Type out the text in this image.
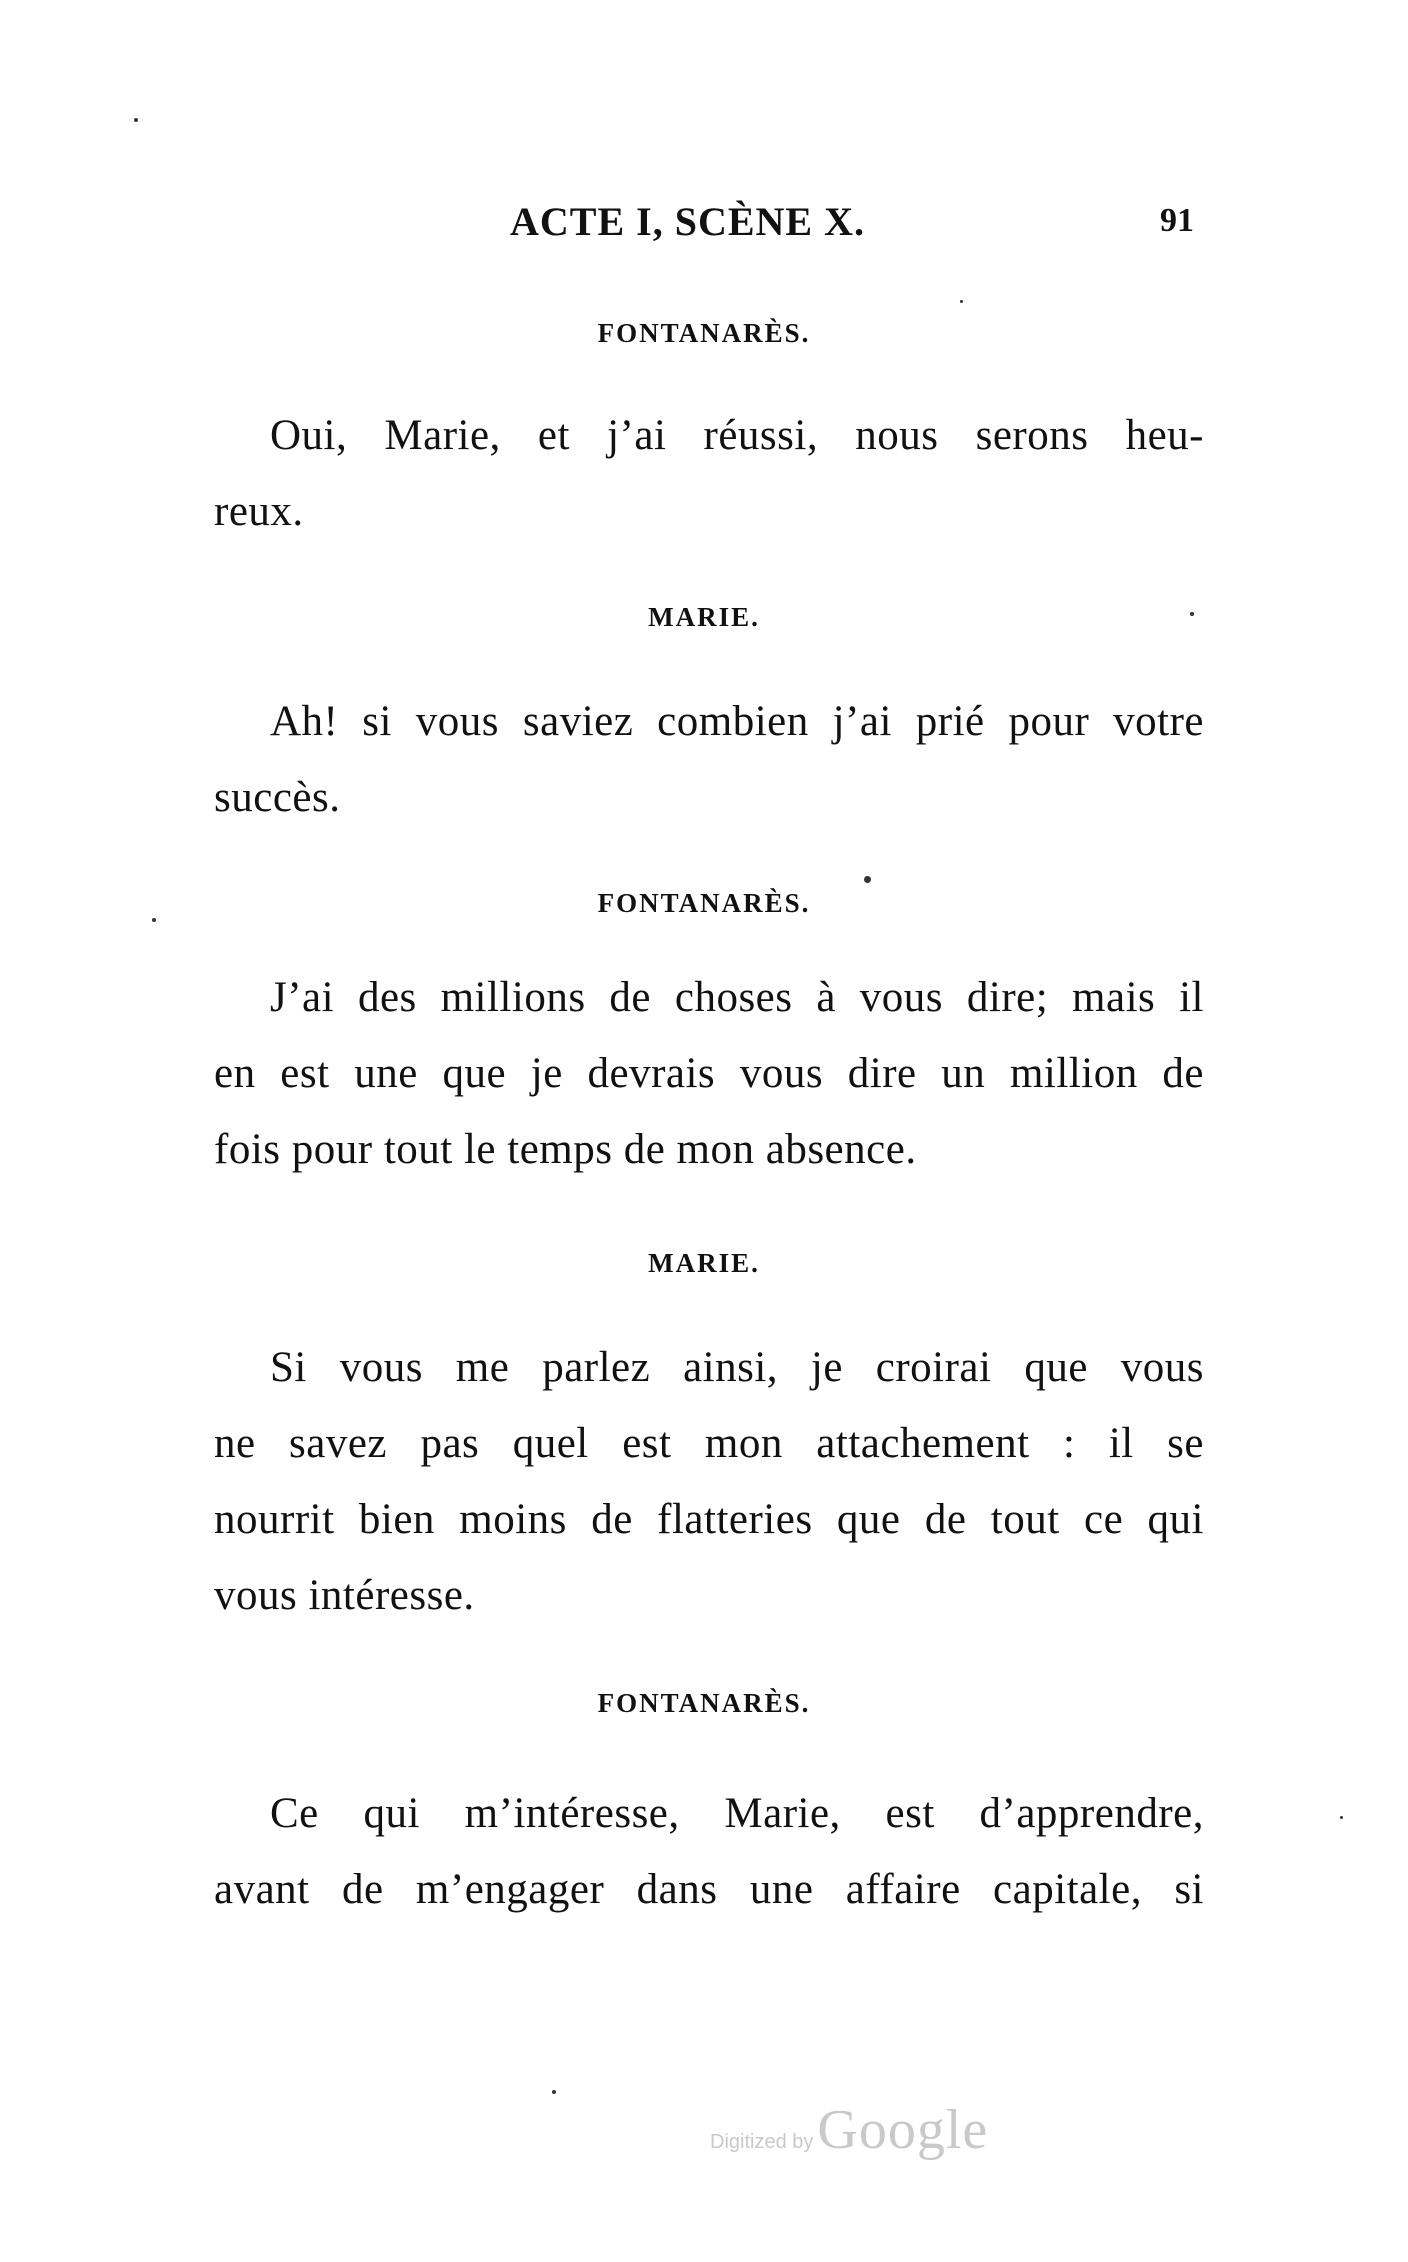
ACTE I, SCÈNE X.	91
FONTANARÈS.
Oui, Marie, et j’ai réussi, nous serons heu-
reux.
MARIE.
Ah! si vous saviez combien j’ai prié pour votre
succès.
FONTANARÈS.
J’ai des millions de choses à vous dire; mais il
en est une que je devrais vous dire un million de
fois pour tout le temps de mon absence.
MARIE.
Si vous me parlez ainsi, je croirai que vous
ne savez pas quel est mon attachement : il se
nourrit bien moins de flatteries que de tout ce qui
vous intéresse.
FONTANARÈS.
Ce qui m’intéresse, Marie, est d’apprendre,
avant de m’engager dans une affaire capitale, si
Digitized by Google
